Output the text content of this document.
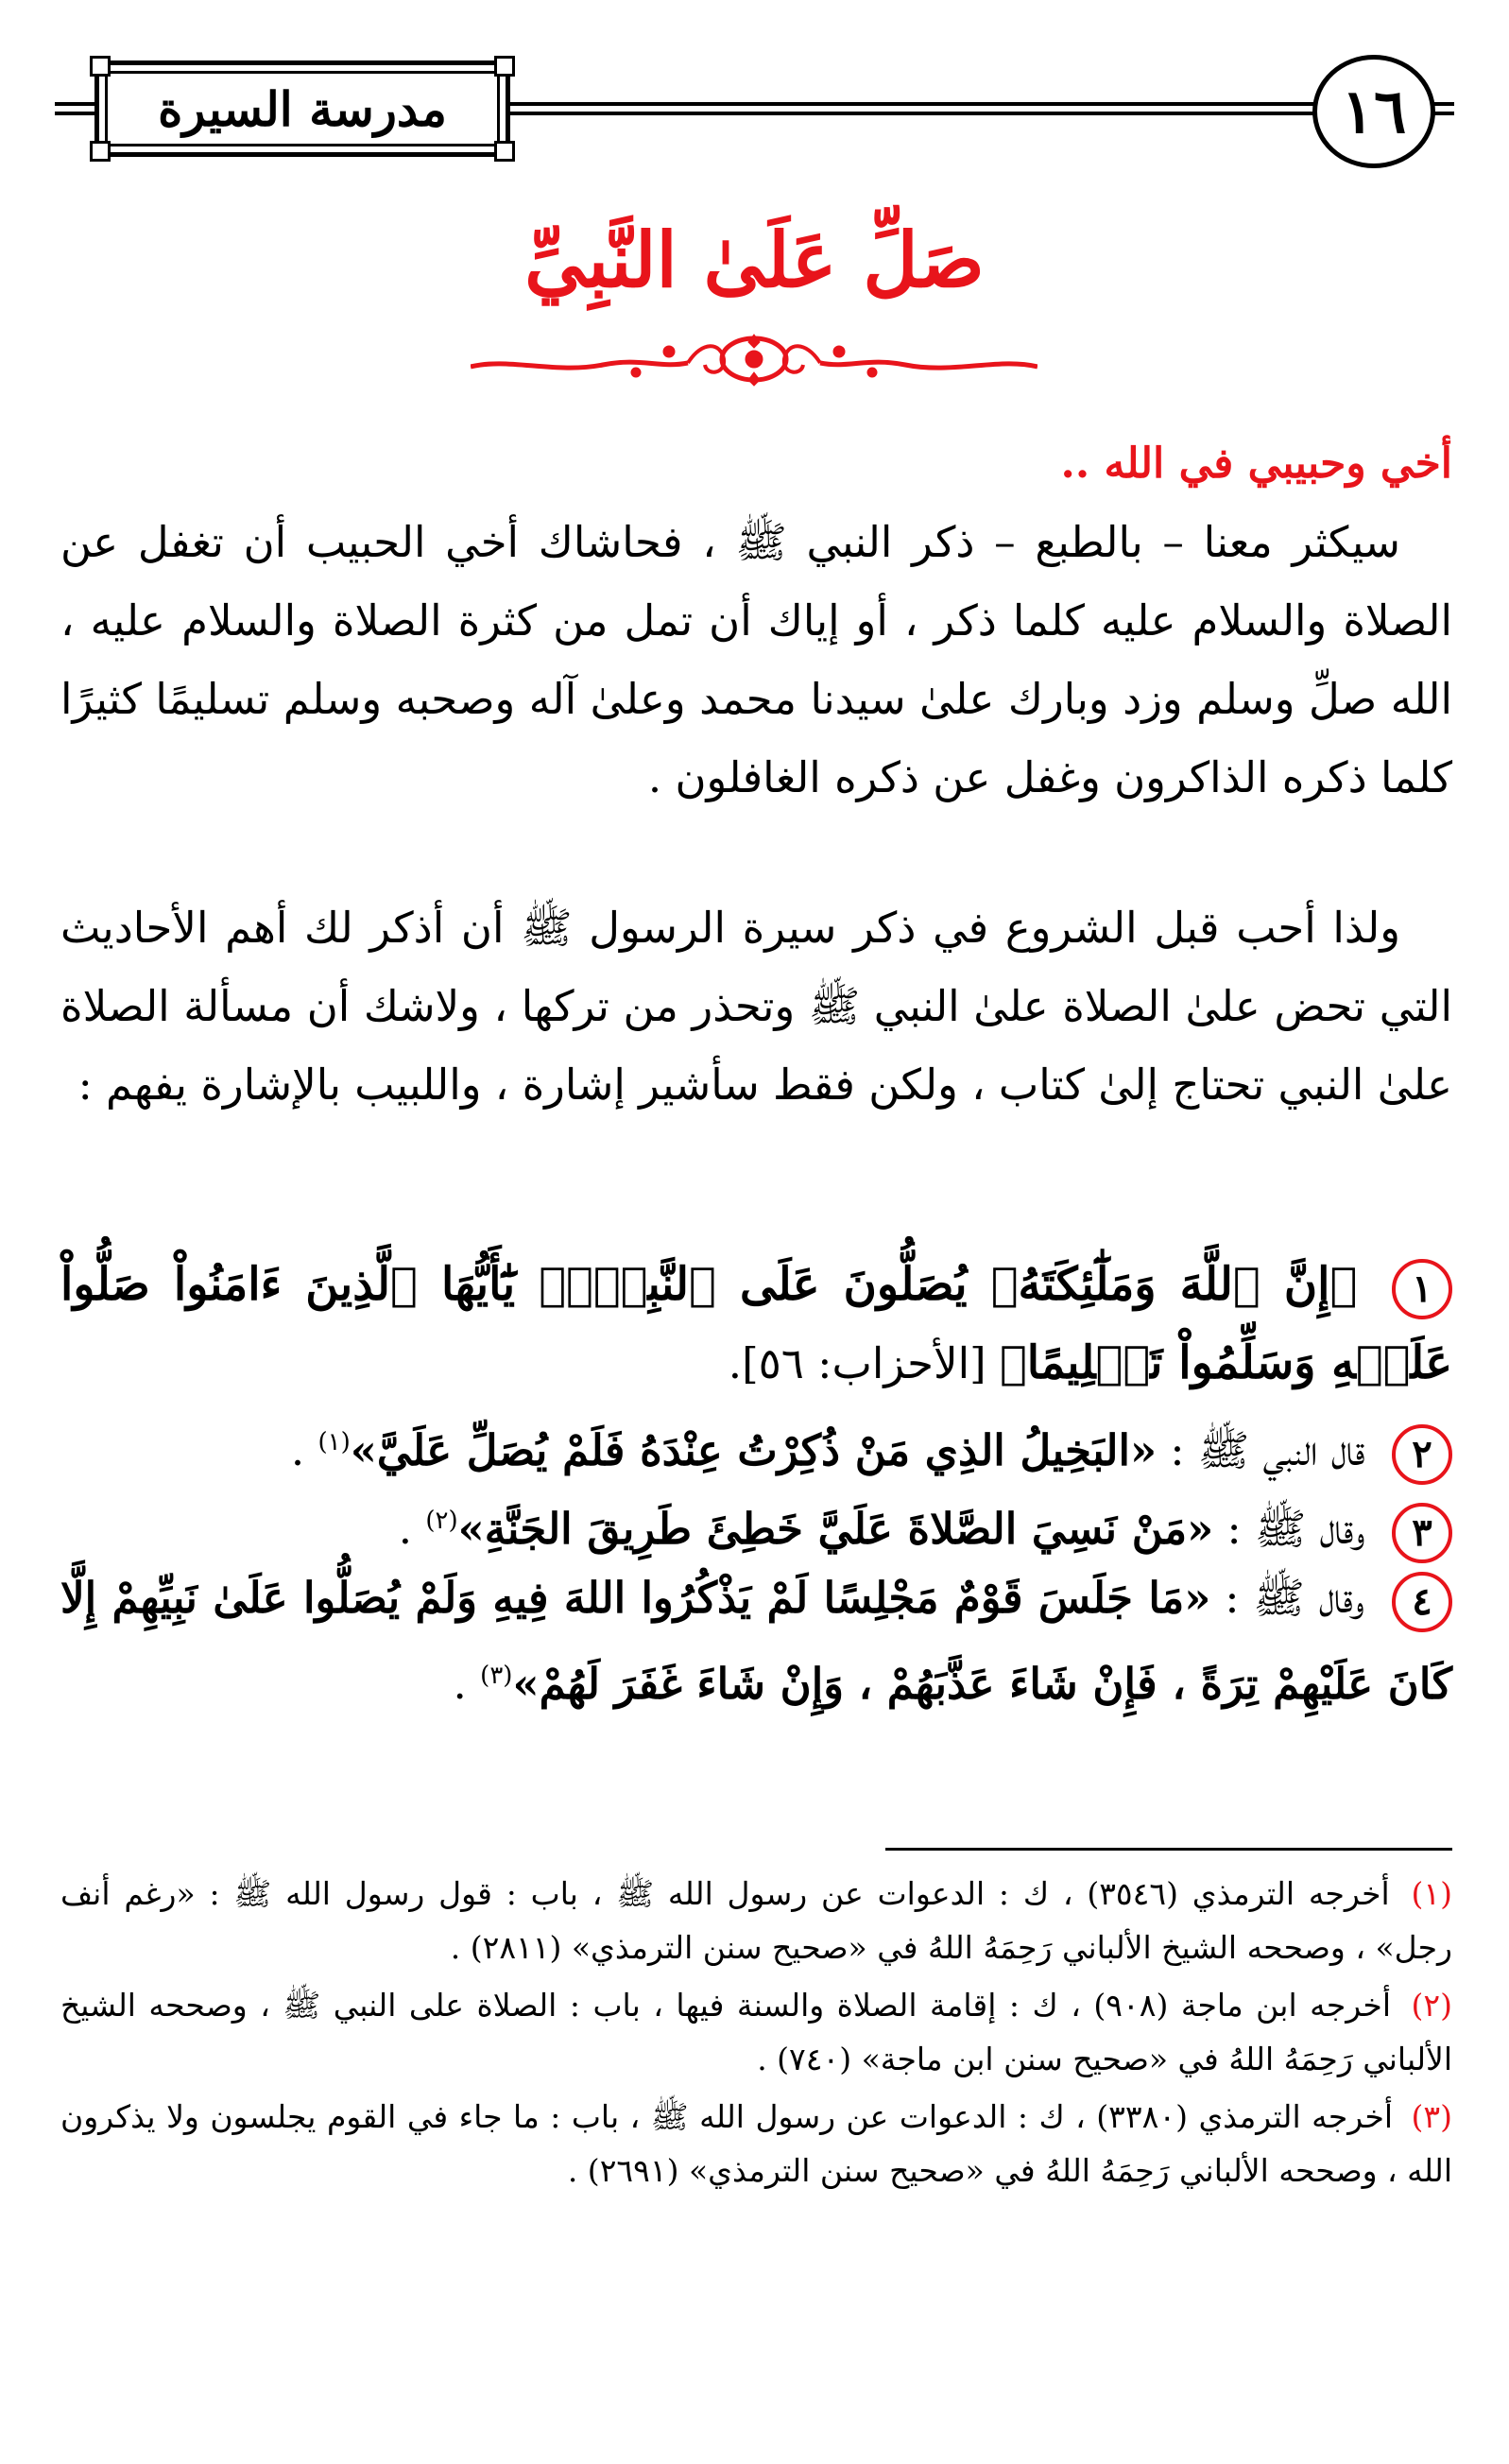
١٦
مدرسة السيرة
صَلِّ عَلَىٰ النَّبِيِّ
أخي وحبيبي في الله ..

سيكثر معنا – بالطبع – ذكر النبي ﷺ ، فحاشاك أخي الحبيب أن تغفل عن الصلاة والسلام عليه كلما ذكر ، أو إياك أن تمل من كثرة الصلاة والسلام عليه ، الله صلِّ وسلم وزد وبارك علىٰ سيدنا محمد وعلىٰ آله وصحبه وسلم تسليمًا كثيرًا كلما ذكره الذاكرون وغفل عن ذكره الغافلون .

ولذا أحب قبل الشروع في ذكر سيرة الرسول ﷺ أن أذكر لك أهم الأحاديث التي تحض علىٰ الصلاة علىٰ النبي ﷺ وتحذر من تركها ، ولاشك أن مسألة الصلاة علىٰ النبي تحتاج إلىٰ كتاب ، ولكن فقط سأشير إشارة ، واللبيب بالإشارة يفهم :

١ ﴿إِنَّ ٱللَّهَ وَمَلَٰٓئِكَتَهُۥ يُصَلُّونَ عَلَى ٱلنَّبِيِّۚ يَٰٓأَيُّهَا ٱلَّذِينَ ءَامَنُواْ صَلُّواْ عَلَيۡهِ وَسَلِّمُواْ تَسۡلِيمًا﴾ [الأحزاب: ٥٦].
٢ قال النبي ﷺ : «البَخِيلُ الذِي مَنْ ذُكِرْتُ عِنْدَهُ فَلَمْ يُصَلِّ عَلَيَّ»$^{(١)}$ .
٣ وقال ﷺ : «مَنْ نَسِيَ الصَّلاةَ عَلَيَّ خَطِئَ طَرِيقَ الجَنَّةِ»$^{(٢)}$ .
٤ وقال ﷺ : «مَا جَلَسَ قَوْمٌ مَجْلِسًا لَمْ يَذْكُرُوا اللهَ فِيهِ وَلَمْ يُصَلُّوا عَلَىٰ نَبِيِّهِمْ إِلَّا كَانَ عَلَيْهِمْ تِرَةً ، فَإِنْ شَاءَ عَذَّبَهُمْ ، وَإِنْ شَاءَ غَفَرَ لَهُمْ»$^{(٣)}$ .

(١) أخرجه الترمذي (٣٥٤٦) ، ك : الدعوات عن رسول الله ﷺ ، باب : قول رسول الله ﷺ : «رغم أنف رجل» ، وصححه الشيخ الألباني رَحِمَهُ اللهُ في «صحيح سنن الترمذي» (٢٨١١) .

(٢) أخرجه ابن ماجة (٩٠٨) ، ك : إقامة الصلاة والسنة فيها ، باب : الصلاة على النبي ﷺ ، وصححه الشيخ الألباني رَحِمَهُ اللهُ في «صحيح سنن ابن ماجة» (٧٤٠) .

(٣) أخرجه الترمذي (٣٣٨٠) ، ك : الدعوات عن رسول الله ﷺ ، باب : ما جاء في القوم يجلسون ولا يذكرون الله ، وصححه الألباني رَحِمَهُ اللهُ في «صحيح سنن الترمذي» (٢٦٩١) .
